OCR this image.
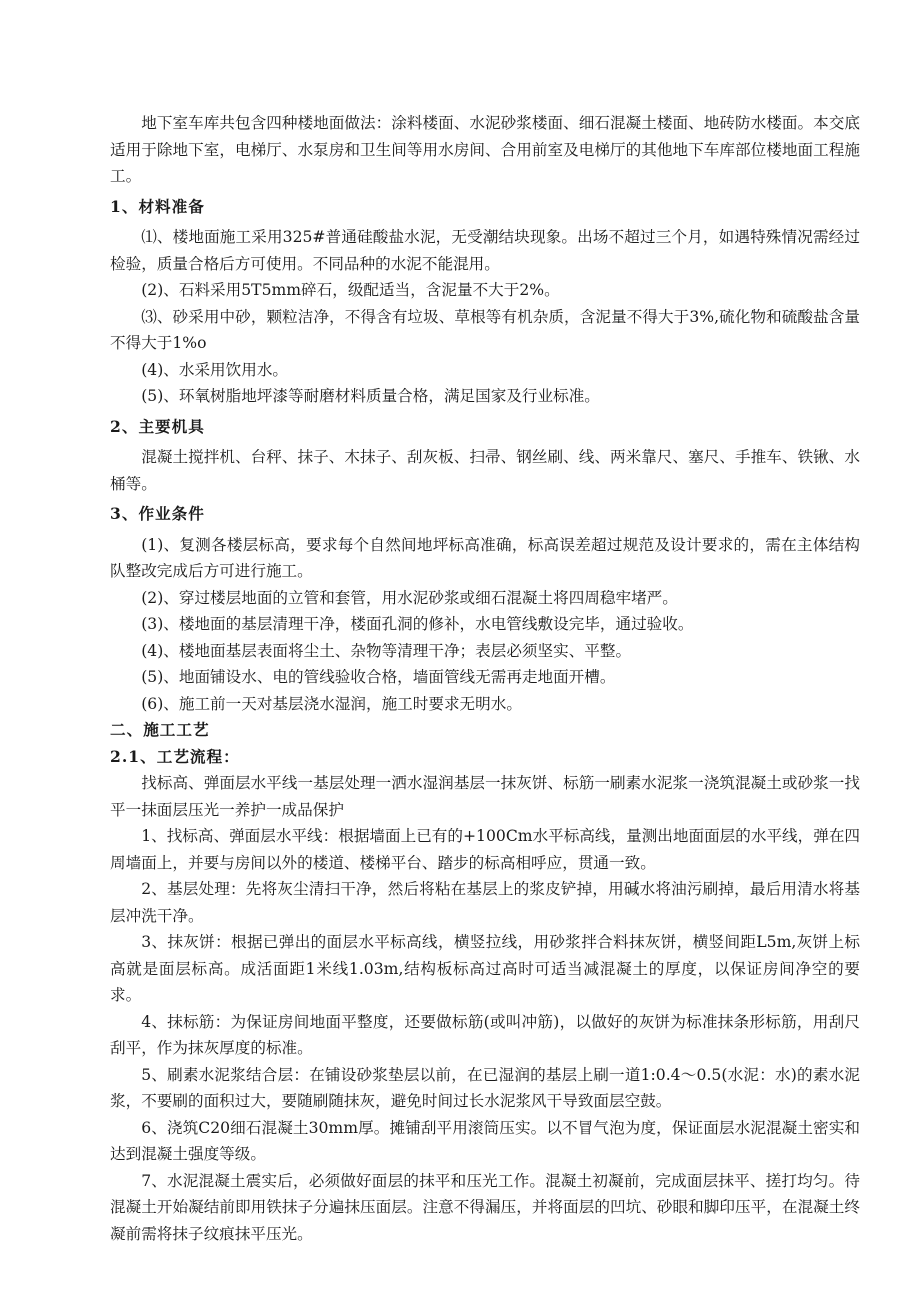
地下室车库共包含四种楼地面做法：涂料楼面、水泥砂浆楼面、细石混凝土楼面、地砖防水楼面。本交底适用于除地下室，电梯厅、水泵房和卫生间等用水房间、合用前室及电梯厅的其他地下车库部位楼地面工程施工。

1、材料准备

⑴、楼地面施工采用325#普通硅酸盐水泥，无受潮结块现象。出场不超过三个月，如遇特殊情况需经过检验，质量合格后方可使用。不同品种的水泥不能混用。

(2)、石料采用5T5mm碎石，级配适当，含泥量不大于2%。

⑶、砂采用中砂，颗粒洁净，不得含有垃圾、草根等有机杂质，含泥量不得大于3%,硫化物和硫酸盐含量不得大于1%o

(4)、水采用饮用水。

(5)、环氧树脂地坪漆等耐磨材料质量合格，满足国家及行业标准。

2、主要机具

混凝土搅拌机、台秤、抹子、木抹子、刮灰板、扫帚、钢丝刷、线、两米靠尺、塞尺、手推车、铁锹、水桶等。

3、作业条件

(1)、复测各楼层标高，要求每个自然间地坪标高准确，标高误差超过规范及设计要求的，需在主体结构队整改完成后方可进行施工。

(2)、穿过楼层地面的立管和套管，用水泥砂浆或细石混凝土将四周稳牢堵严。

(3)、楼地面的基层清理干净，楼面孔洞的修补，水电管线敷设完毕，通过验收。

(4)、楼地面基层表面将尘土、杂物等清理干净；表层必须坚实、平整。

(5)、地面铺设水、电的管线验收合格，墙面管线无需再走地面开槽。

(6)、施工前一天对基层浇水湿润，施工时要求无明水。

二、施工工艺

2.1、工艺流程：

找标高、弹面层水平线一基层处理一洒水湿润基层一抹灰饼、标筋一刷素水泥浆一浇筑混凝土或砂浆一找平一抹面层压光一养护一成品保护

1、找标高、弹面层水平线：根据墙面上已有的+100Cm水平标高线，量测出地面面层的水平线，弹在四周墙面上，并要与房间以外的楼道、楼梯平台、踏步的标高相呼应，贯通一致。

2、基层处理：先将灰尘清扫干净，然后将粘在基层上的浆皮铲掉，用碱水将油污刷掉，最后用清水将基层冲洗干净。

3、抹灰饼：根据已弹出的面层水平标高线，横竖拉线，用砂浆拌合料抹灰饼，横竖间距L5m,灰饼上标高就是面层标高。成活面距1米线1.03m,结构板标高过高时可适当减混凝土的厚度，以保证房间净空的要求。

4、抹标筋：为保证房间地面平整度，还要做标筋(或叫冲筋)，以做好的灰饼为标准抹条形标筋，用刮尺刮平，作为抹灰厚度的标准。

5、刷素水泥浆结合层：在铺设砂浆垫层以前，在已湿润的基层上刷一道1:0.4～0.5(水泥：水)的素水泥浆，不要刷的面积过大，要随刷随抹灰，避免时间过长水泥浆风干导致面层空鼓。

6、浇筑C20细石混凝土30mm厚。摊铺刮平用滚筒压实。以不冒气泡为度，保证面层水泥混凝土密实和达到混凝土强度等级。

7、水泥混凝土震实后，必须做好面层的抹平和压光工作。混凝土初凝前，完成面层抹平、搓打均匀。待混凝土开始凝结前即用铁抹子分遍抹压面层。注意不得漏压，并将面层的凹坑、砂眼和脚印压平，在混凝土终凝前需将抹子纹痕抹平压光。
